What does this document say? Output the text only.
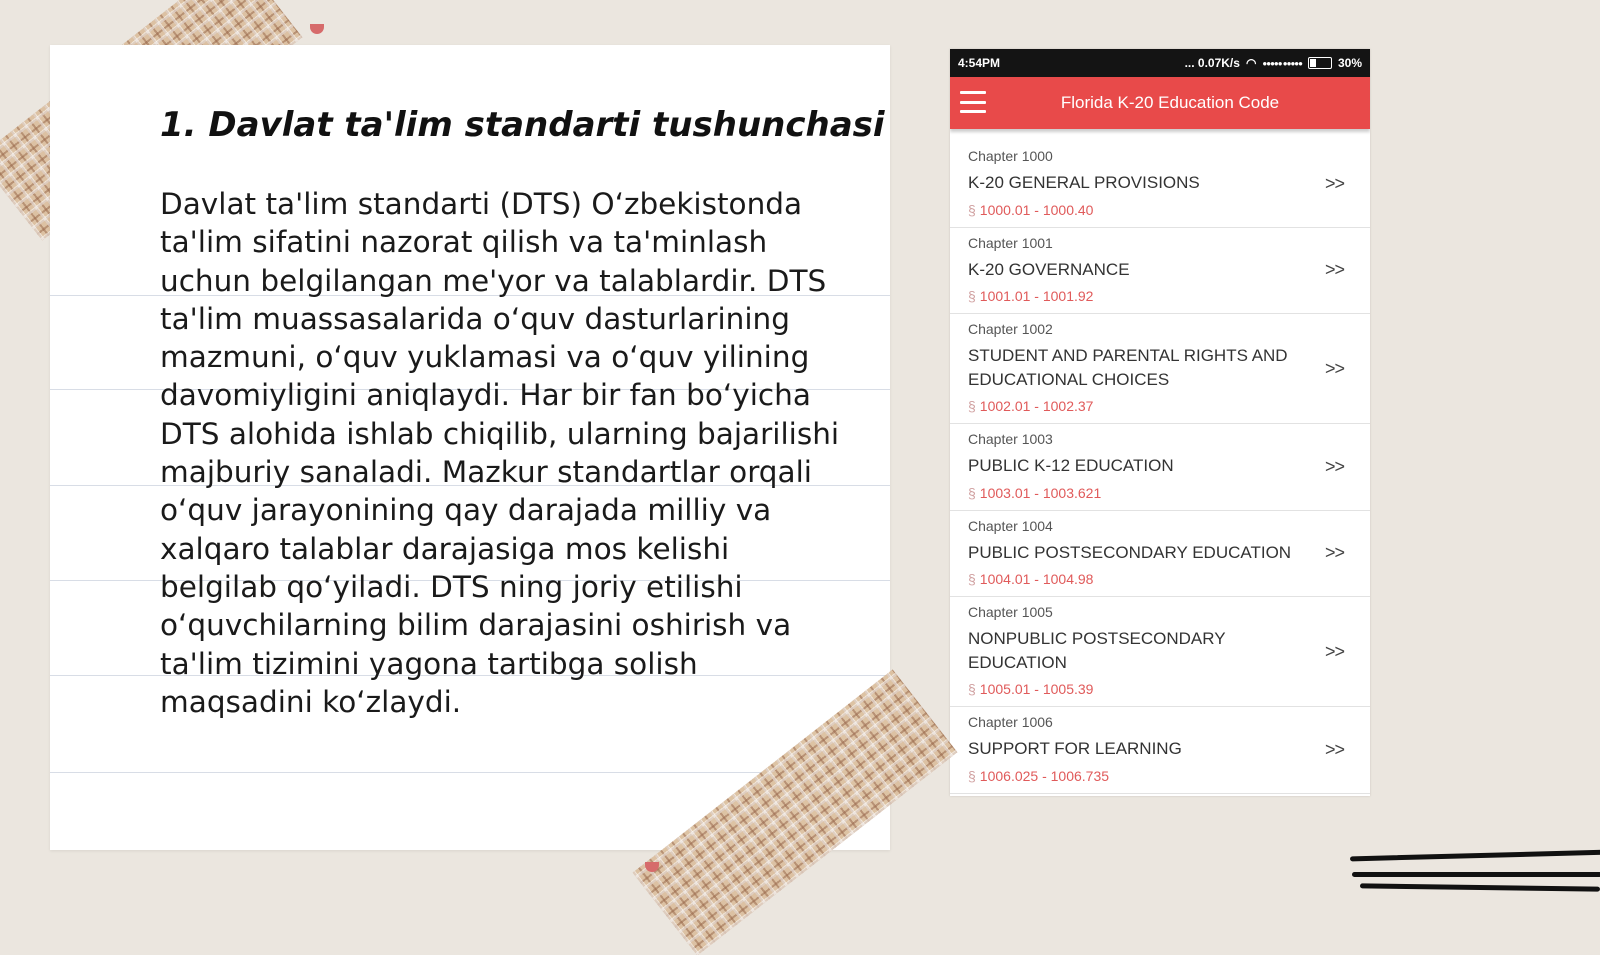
1. Davlat ta'lim standarti tushunchasi

Davlat ta'lim standarti (DTS) O‘zbekistonda ta'lim sifatini nazorat qilish va ta'minlash uchun belgilangan me'yor va talablardir. DTS ta'lim muassasalarida o‘quv dasturlarining mazmuni, o‘quv yuklamasi va o‘quv yilining davomiyligini aniqlaydi. Har bir fan bo‘yicha DTS alohida ishlab chiqilib, ularning bajarilishi majburiy sanaladi. Mazkur standartlar orqali o‘quv jarayonining qay darajada milliy va xalqaro talablar darajasiga mos kelishi belgilab qo‘yiladi. DTS ning joriy etilishi o‘quvchilarning bilim darajasini oshirish va ta'lim tizimini yagona tartibga solish maqsadini ko‘zlaydi.

4:54PM	... 0.07K/s ◠ ●●●●● ●●●●●	30%
Florida K-20 Education Code
Chapter 1000
K-20 GENERAL PROVISIONS
§ 1000.01 - 1000.40
>>
Chapter 1001
K-20 GOVERNANCE
§ 1001.01 - 1001.92
>>
Chapter 1002
STUDENT AND PARENTAL RIGHTS AND EDUCATIONAL CHOICES
§ 1002.01 - 1002.37
>>
Chapter 1003
PUBLIC K-12 EDUCATION
§ 1003.01 - 1003.621
>>
Chapter 1004
PUBLIC POSTSECONDARY EDUCATION
§ 1004.01 - 1004.98
>>
Chapter 1005
NONPUBLIC POSTSECONDARY EDUCATION
§ 1005.01 - 1005.39
>>
Chapter 1006
SUPPORT FOR LEARNING
§ 1006.025 - 1006.735
>>
